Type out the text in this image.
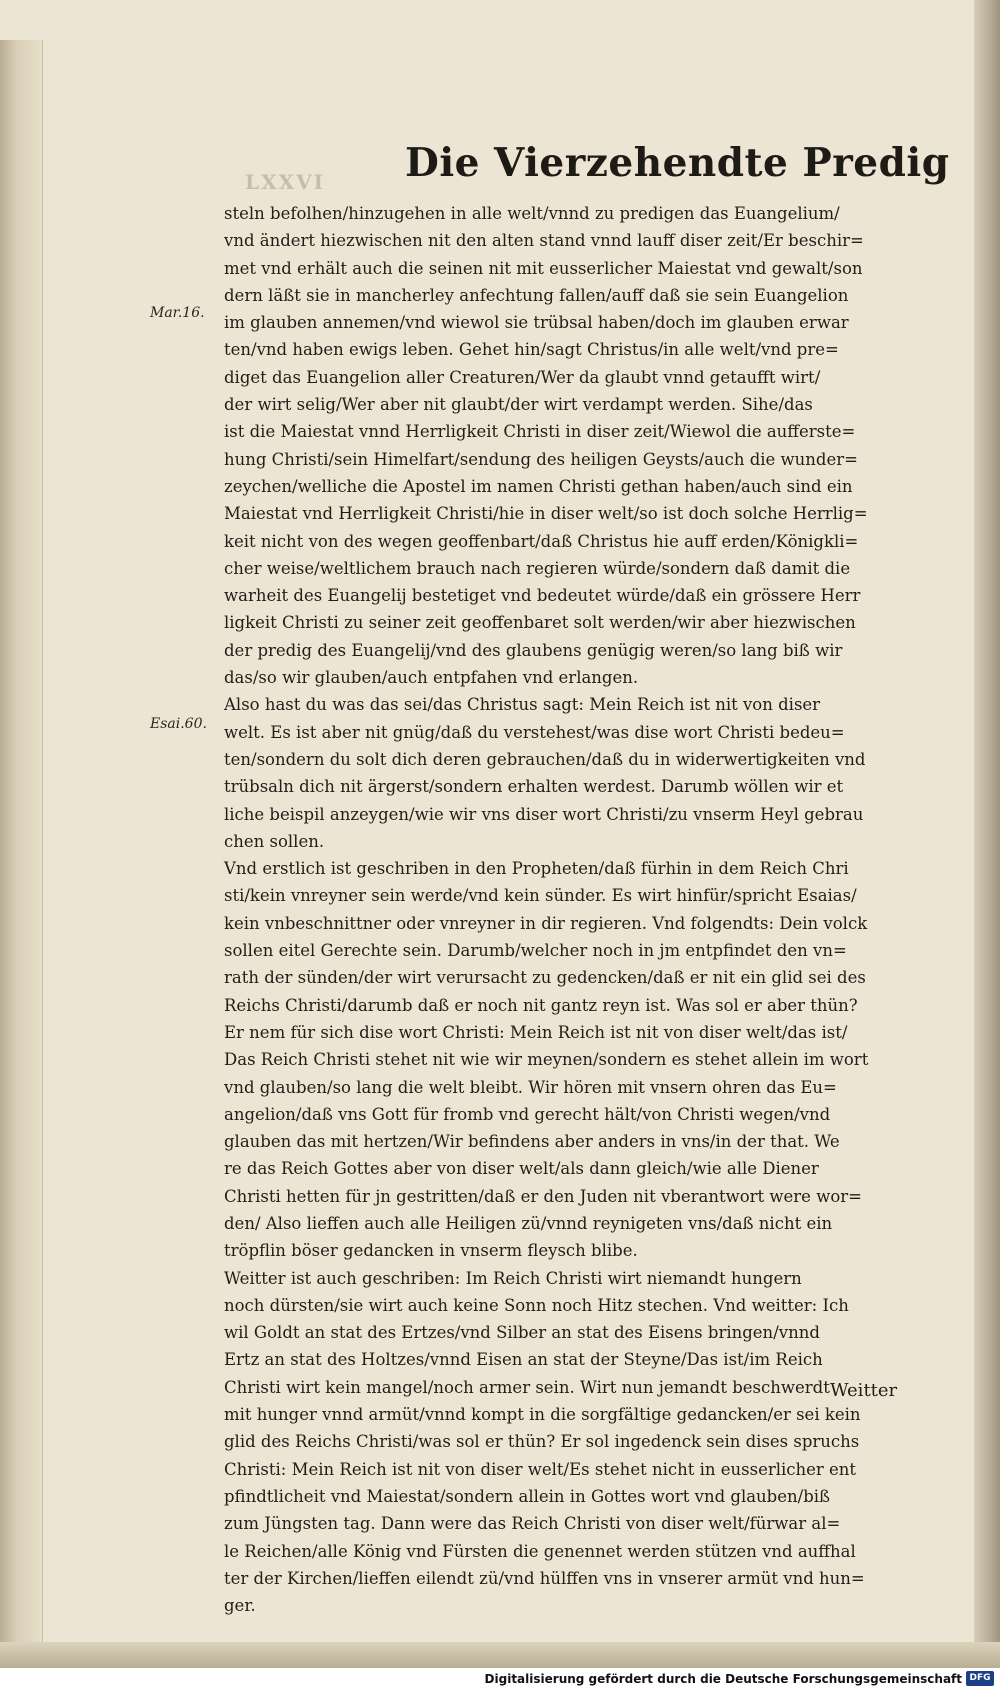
LXXVI Die Vierzehendte Predig
Mar.16.
Esai.60.
steln befolhen/hinzugehen in alle welt/vnnd zu predigen das Euangelium/
vnd ändert hiezwischen nit den alten stand vnnd lauff diser zeit/Er beschir=
met vnd erhält auch die seinen nit mit eusserlicher Maiestat vnd gewalt/son
dern läßt sie in mancherley anfechtung fallen/auff daß sie sein Euangelion
im glauben annemen/vnd wiewol sie trübsal haben/doch im glauben erwar
ten/vnd haben ewigs leben. Gehet hin/sagt Christus/in alle welt/vnd pre=
diget das Euangelion aller Creaturen/Wer da glaubt vnnd getaufft wirt/
der wirt selig/Wer aber nit glaubt/der wirt verdampt werden. Sihe/das
ist die Maiestat vnnd Herrligkeit Christi in diser zeit/Wiewol die aufferste=
hung Christi/sein Himelfart/sendung des heiligen Geysts/auch die wunder=
zeychen/welliche die Apostel im namen Christi gethan haben/auch sind ein
Maiestat vnd Herrligkeit Christi/hie in diser welt/so ist doch solche Herrlig=
keit nicht von des wegen geoffenbart/daß Christus hie auff erden/Königkli=
cher weise/weltlichem brauch nach regieren würde/sondern daß damit die
warheit des Euangelij bestetiget vnd bedeutet würde/daß ein grössere Herr
ligkeit Christi zu seiner zeit geoffenbaret solt werden/wir aber hiezwischen
der predig des Euangelij/vnd des glaubens genügig weren/so lang biß wir
das/so wir glauben/auch entpfahen vnd erlangen.
Also hast du was das sei/das Christus sagt: Mein Reich ist nit von diser
welt. Es ist aber nit gnüg/daß du verstehest/was dise wort Christi bedeu=
ten/sondern du solt dich deren gebrauchen/daß du in widerwertigkeiten vnd
trübsaln dich nit ärgerst/sondern erhalten werdest. Darumb wöllen wir et
liche beispil anzeygen/wie wir vns diser wort Christi/zu vnserm Heyl gebrau
chen sollen.
Vnd erstlich ist geschriben in den Propheten/daß fürhin in dem Reich Chri
sti/kein vnreyner sein werde/vnd kein sünder. Es wirt hinfür/spricht Esaias/
kein vnbeschnittner oder vnreyner in dir regieren. Vnd folgendts: Dein volck
sollen eitel Gerechte sein. Darumb/welcher noch in jm entpfindet den vn=
rath der sünden/der wirt verursacht zu gedencken/daß er nit ein glid sei des
Reichs Christi/darumb daß er noch nit gantz reyn ist. Was sol er aber thün?
Er nem für sich dise wort Christi: Mein Reich ist nit von diser welt/das ist/
Das Reich Christi stehet nit wie wir meynen/sondern es stehet allein im wort
vnd glauben/so lang die welt bleibt. Wir hören mit vnsern ohren das Eu=
angelion/daß vns Gott für fromb vnd gerecht hält/von Christi wegen/vnd
glauben das mit hertzen/Wir befindens aber anders in vns/in der that. We
re das Reich Gottes aber von diser welt/als dann gleich/wie alle Diener
Christi hetten für jn gestritten/daß er den Juden nit vberantwort were wor=
den/ Also lieffen auch alle Heiligen zü/vnnd reynigeten vns/daß nicht ein
tröpflin böser gedancken in vnserm fleysch blibe.
Weitter ist auch geschriben: Im Reich Christi wirt niemandt hungern
noch dürsten/sie wirt auch keine Sonn noch Hitz stechen. Vnd weitter: Ich
wil Goldt an stat des Ertzes/vnd Silber an stat des Eisens bringen/vnnd
Ertz an stat des Holtzes/vnnd Eisen an stat der Steyne/Das ist/im Reich
Christi wirt kein mangel/noch armer sein. Wirt nun jemandt beschwerdt
mit hunger vnnd armüt/vnnd kompt in die sorgfältige gedancken/er sei kein
glid des Reichs Christi/was sol er thün? Er sol ingedenck sein dises spruchs
Christi: Mein Reich ist nit von diser welt/Es stehet nicht in eusserlicher ent
pfindtlicheit vnd Maiestat/sondern allein in Gottes wort vnd glauben/biß
zum Jüngsten tag. Dann were das Reich Christi von diser welt/fürwar al=
le Reichen/alle König vnd Fürsten die genennet werden stützen vnd auffhal
ter der Kirchen/lieffen eilendt zü/vnd hülffen vns in vnserer armüt vnd hun=
ger.
Weitter
Digitalisierung gefördert durch die Deutsche Forschungsgemeinschaft DFG
